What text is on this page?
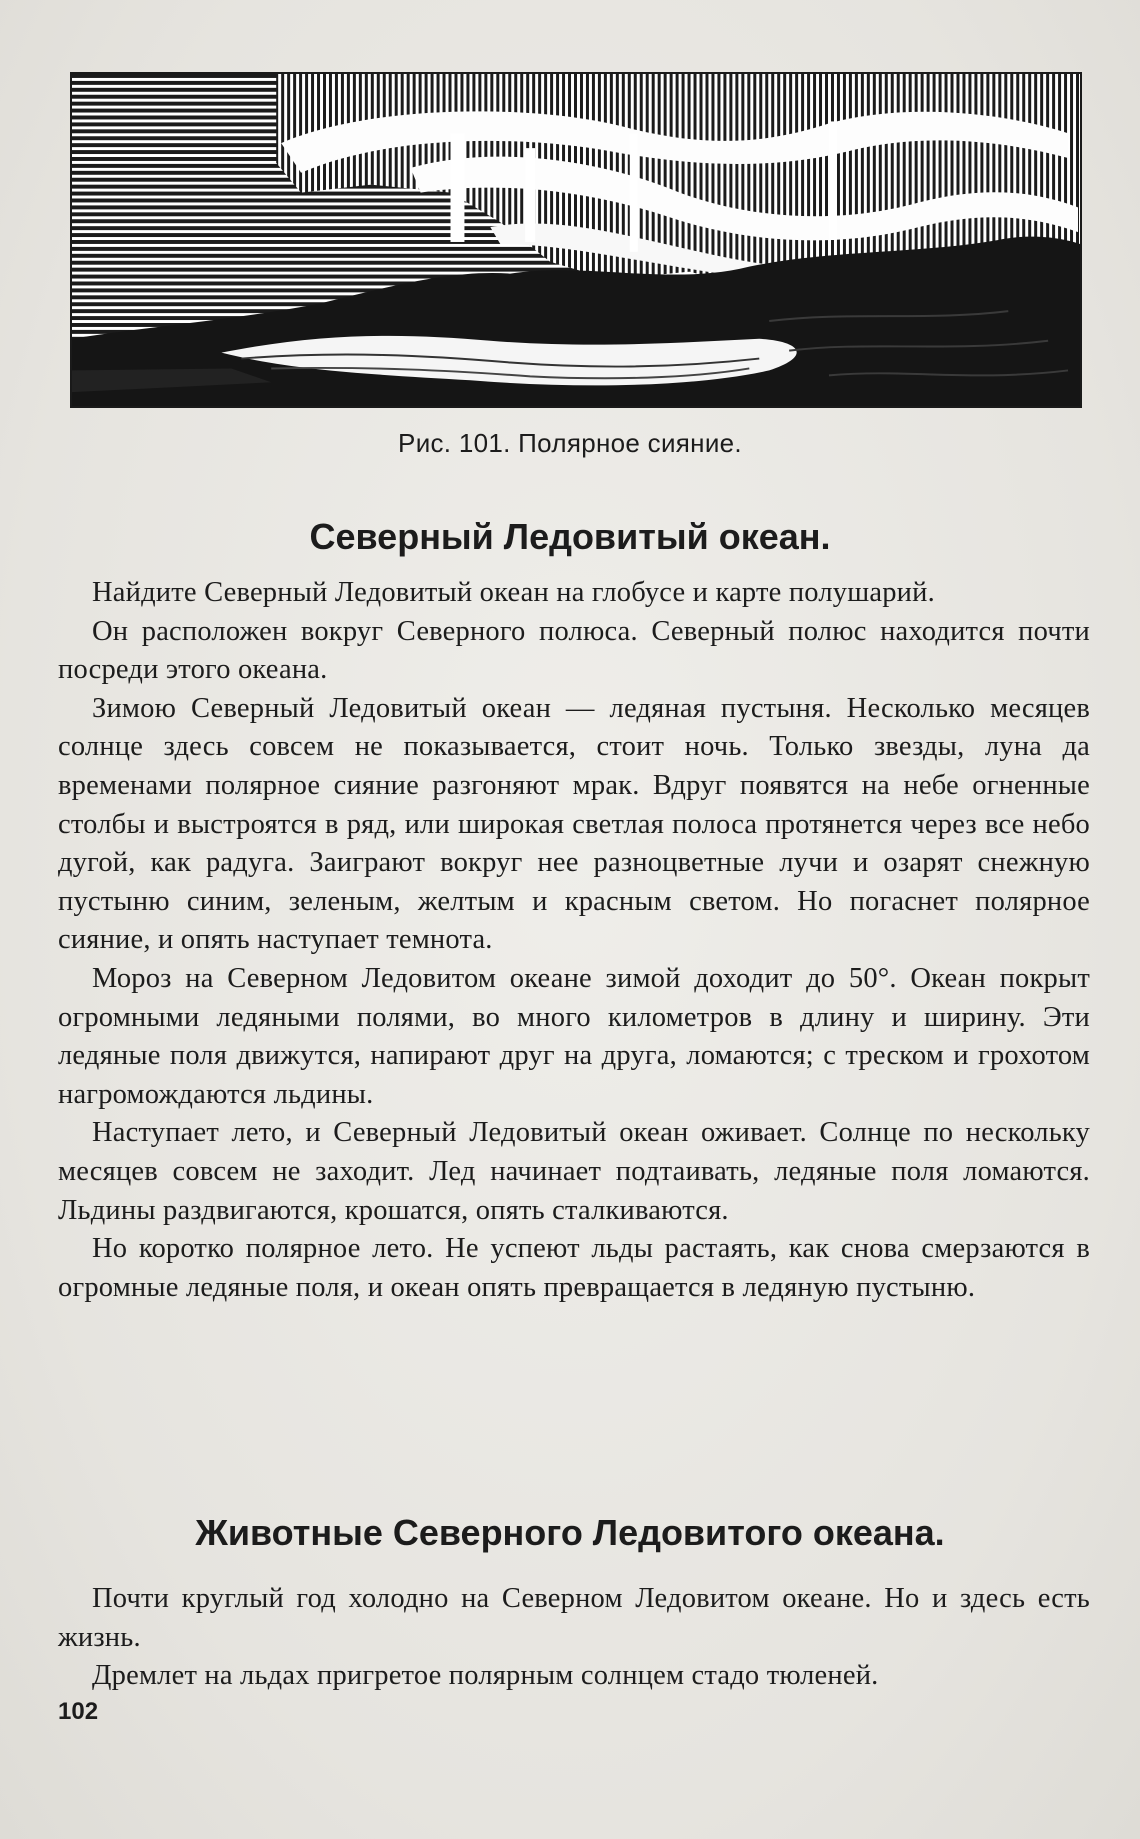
Рис. 101. Полярное сияние.
Северный Ледовитый океан.

Найдите Северный Ледовитый океан на глобусе и карте полушарий.

Он расположен вокруг Северного полюса. Северный полюс находится почти посреди этого океана.

Зимою Северный Ледовитый океан — ледяная пустыня. Несколько месяцев солнце здесь совсем не показывается, стоит ночь. Только звезды, луна да временами полярное сияние разгоняют мрак. Вдруг появятся на небе огненные столбы и выстроятся в ряд, или широкая светлая полоса протянется через все небо дугой, как радуга. Заиграют вокруг нее разноцветные лучи и озарят снежную пустыню синим, зеленым, желтым и красным светом. Но погаснет полярное сияние, и опять наступает темнота.

Мороз на Северном Ледовитом океане зимой доходит до 50°. Океан покрыт огромными ледяными полями, во много километров в длину и ширину. Эти ледяные поля движутся, напирают друг на друга, ломаются; с треском и грохотом нагромождаются льдины.

Наступает лето, и Северный Ледовитый океан оживает. Солнце по нескольку месяцев совсем не заходит. Лед начинает подтаивать, ледяные поля ломаются. Льдины раздвигаются, крошатся, опять сталкиваются.

Но коротко полярное лето. Не успеют льды растаять, как снова смерзаются в огромные ледяные поля, и океан опять превращается в ледяную пустыню.

Животные Северного Ледовитого океана.

Почти круглый год холодно на Северном Ледовитом океане. Но и здесь есть жизнь.

Дремлет на льдах пригретое полярным солнцем стадо тюленей.

102
